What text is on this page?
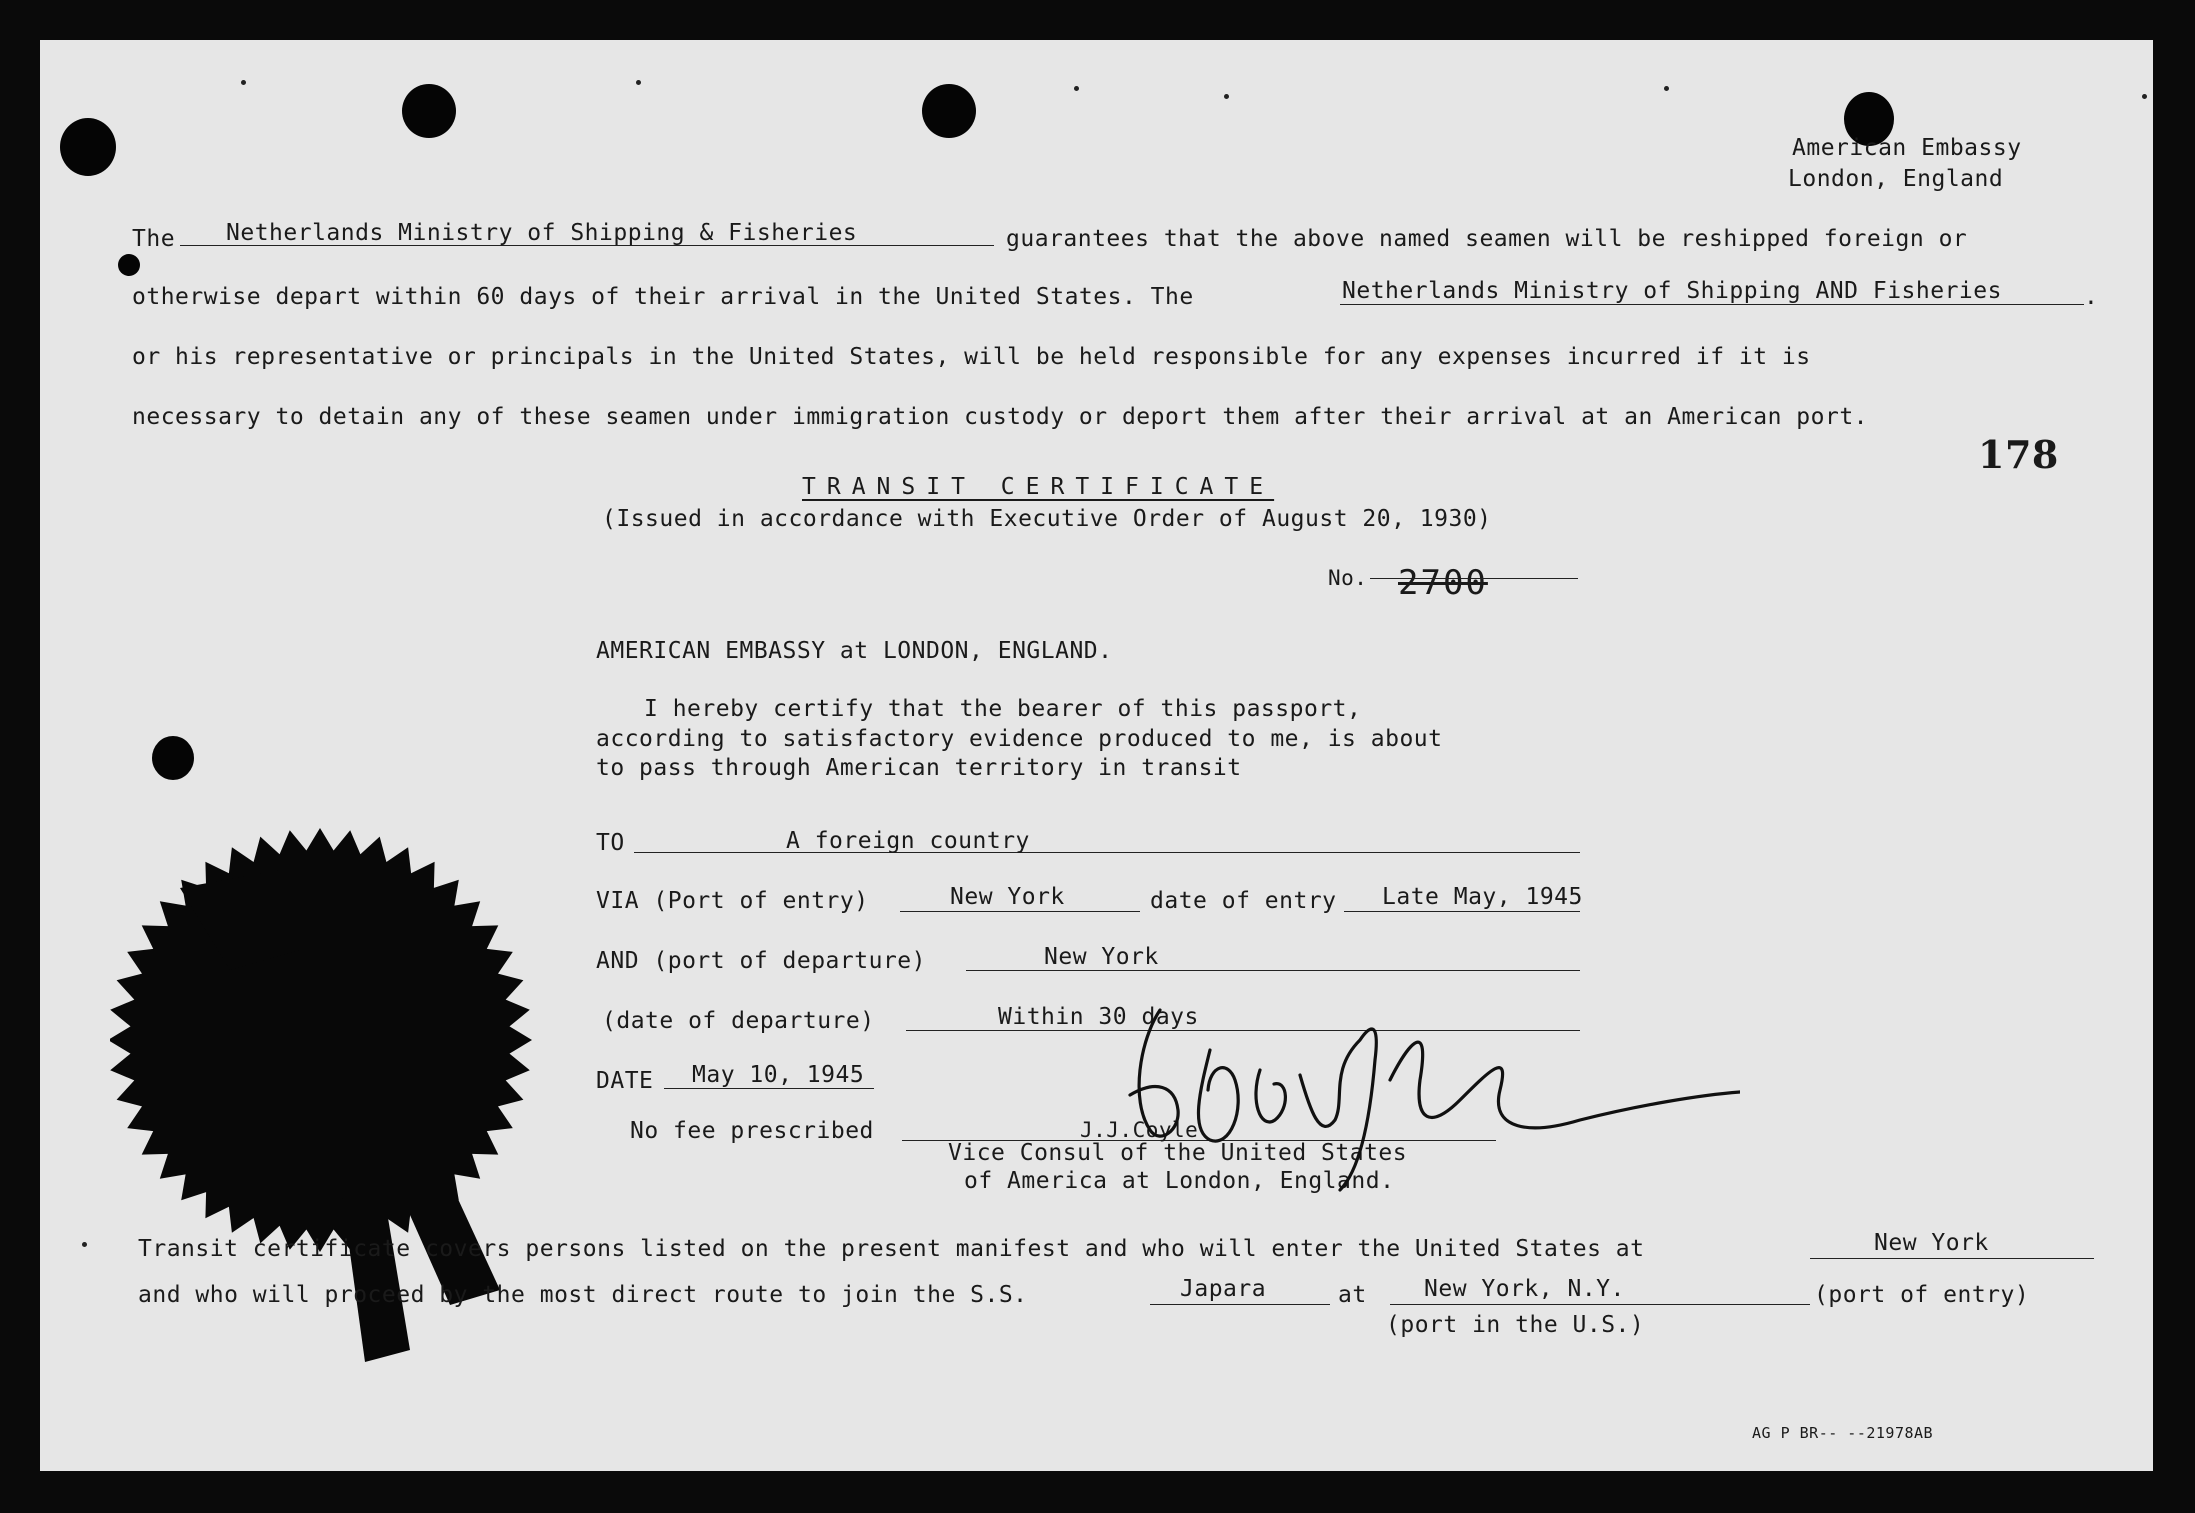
American Embassy
London, England
178
The Netherlands Ministry of Shipping & Fisheries	guarantees that the above named seamen will be reshipped foreign or
otherwise depart within 60 days of their arrival in the United States. The	Netherlands Ministry of Shipping AND Fisheries	.
or his representative or principals in the United States, will be held responsible for any expenses incurred if it is
necessary to detain any of these seamen under immigration custody or deport them after their arrival at an American port.
TRANSIT CERTIFICATE
(Issued in accordance with Executive Order of August 20, 1930)
No. 2700
AMERICAN EMBASSY at LONDON, ENGLAND.
I hereby certify that the bearer of this passport,
according to satisfactory evidence produced to me, is about
to pass through American territory in transit
TO	A foreign country
VIA (Port of entry)	New York	date of entry Late May, 1945
AND (port of departure)	New York
(date of departure)	Within 30 days
DATE May 10, 1945
No fee prescribed	J.J.Coyle
Vice Consul of the United States
of America at London, England.
Transit certificate covers persons listed on the present manifest and who will enter the United States at	New York
and who will proceed by the most direct route to join the S.S.	Japara	at New York, N.Y.	(port of entry)
(port in the U.S.)
AG P BR-- --21978AB
